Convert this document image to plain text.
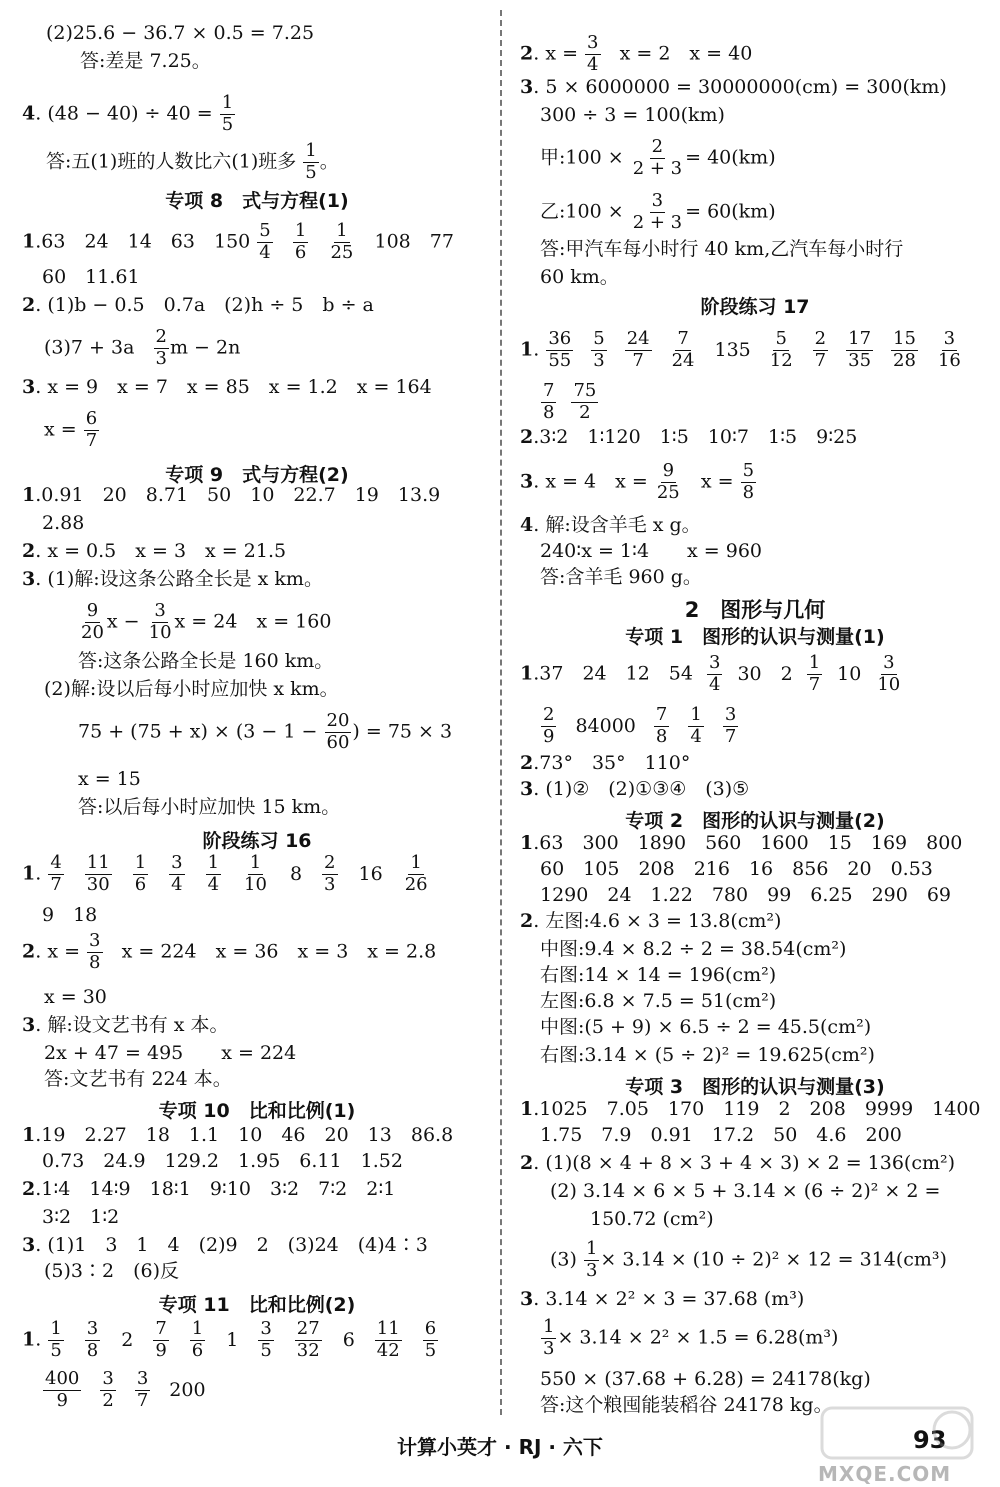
(2)25.6 − 36.7 × 0.5 = 7.25
答:差是 7.25。
4. $(48 - 40) \div 40 = \frac{1}{5}$
答:五(1)班的人数比六(1)班多 $\frac{1}{5}$ 。
专项 8　式与方程(1)
1.63　24　14　63　$150 \frac{5}{4}$
$\frac{1}{6}$
$\frac{1}{25} 108$　77
60　11.61
2. (1)b − 0.5　0.7a　(2)h ÷ 5　b ÷ a
$(3)7 + 3a \frac{2}{3}$ m − 2n
3. x = 9　x = 7　x = 85　x = 1.2　x = 164
$x = \frac{6}{7}$
专项 9　式与方程(2)
1.0.91　20　8.71　50　10　22.7　19　13.9
2.88
2. x = 0.5　x = 3　x = 21.5
3. (1)解:设这条公路全长是 x km。
$\frac{9}{20}$ $x - \frac{3}{10}$ x = 24　x = 160
答:这条公路全长是 160 km。
(2)解:设以后每小时应加快 x km。
$75 + (75 + x) \times (3 - 1 - \frac{20}{60}$ ) = 75 × 3
x = 15
答:以后每小时应加快 15 km。
阶段练习 16
1. $\frac{4}{7} \frac{11}{30} \frac{1}{6} \frac{3}{4} \frac{1}{4} \frac{1}{10} 8 \frac{2}{3} 16 \frac{1}{26}$
9　18
2. $x = \frac{3}{8}$ x = 224　x = 36　x = 3　x = 2.8
x = 30
3. 解:设文艺书有 x 本。
2x + 47 = 495　　x = 224
答:文艺书有 224 本。
专项 10　比和比例(1)
1.19　2.27　18　1.1　10　46　20　13　86.8
0.73　24.9　129.2　1.95　6.11　1.52
2.1∶4　14∶9　18∶1　9∶10　3∶2　7∶2　2∶1
3∶2　1∶2
3. (1)1　3　1　4　(2)9　2　(3)24　(4)4∶3
(5)3∶2　(6)反
专项 11　比和比例(2)
1. $\frac{1}{5} \frac{3}{8} 2 \frac{7}{9} \frac{1}{6} 1 \frac{3}{5} \frac{27}{32} 6 \frac{11}{42} \frac{6}{5}$
$\frac{400}{9} \frac{3}{2} \frac{3}{7} 200$
2. $x = \frac{3}{4}$ x = 2　x = 40
3. 5 × 6000000 = 30000000(cm) = 300(km)
300 ÷ 3 = 100(km)
甲:100 × $\frac{2}{2 + 3} = 40(km)$
乙:100 × $\frac{3}{2 + 3} = 60(km)$
答:甲汽车每小时行 40 km,乙汽车每小时行
60 km。
阶段练习 17
1. $\frac{36}{55} \frac{5}{3} \frac{24}{7} \frac{7}{24} 135 \frac{5}{12} \frac{2}{7} \frac{17}{35} \frac{15}{28} \frac{3}{16}$
$\frac{7}{8} \frac{75}{2}$
2.3∶2　1∶120　1∶5　10∶7　1∶5　9∶25
3. x = 4　$x = \frac{9}{25}$ $x = \frac{5}{8}$
4. 解:设含羊毛 x g。
240∶x = 1∶4　　x = 960
答:含羊毛 960 g。
2　图形与几何
专项 1　图形的认识与测量(1)
1.37　24　12　$54 \frac{3}{4} 30$　$2 \frac{1}{7} 10 \frac{3}{10}$
$\frac{2}{9} 84000 \frac{7}{8} \frac{1}{4} \frac{3}{7}$
2.73°　35°　110°
3. (1)②　(2)①③④　(3)⑤
专项 2　图形的认识与测量(2)
1.63　300　1890　560　1600　15　169　800
60　105　208　216　16　856　20　0.53
1290　24　1.22　780　99　6.25　290　69
2. 左图:4.6 × 3 = 13.8(cm²)
中图:9.4 × 8.2 ÷ 2 = 38.54(cm²)
右图:14 × 14 = 196(cm²)
左图:6.8 × 7.5 = 51(cm²)
中图:(5 + 9) × 6.5 ÷ 2 = 45.5(cm²)
右图:3.14 × (5 ÷ 2)² = 19.625(cm²)
专项 3　图形的认识与测量(3)
1.1025　7.05　170　119　2　208　9999　1400
1.75　7.9　0.91　17.2　50　4.6　200
2. (1)(8 × 4 + 8 × 3 + 4 × 3) × 2 = 136(cm²)
(2) 3.14 × 6 × 5 + 3.14 × (6 ÷ 2)² × 2 =
150.72 (cm²)
$(3) \frac{1}{3} \times 3.14 \times (10 \div 2)^2 \times 12 = 314(cm^3)$
3. 3.14 × 2² × 3 = 37.68 (m³)
$\frac{1}{3} \times 3.14 \times 2^2 \times 1.5 = 6.28(m^3)$
550 × (37.68 + 6.28) = 24178(kg)
答:这个粮囤能装稻谷 24178 kg。
计算小英才 · RJ · 六下	93
MXQE.COM
